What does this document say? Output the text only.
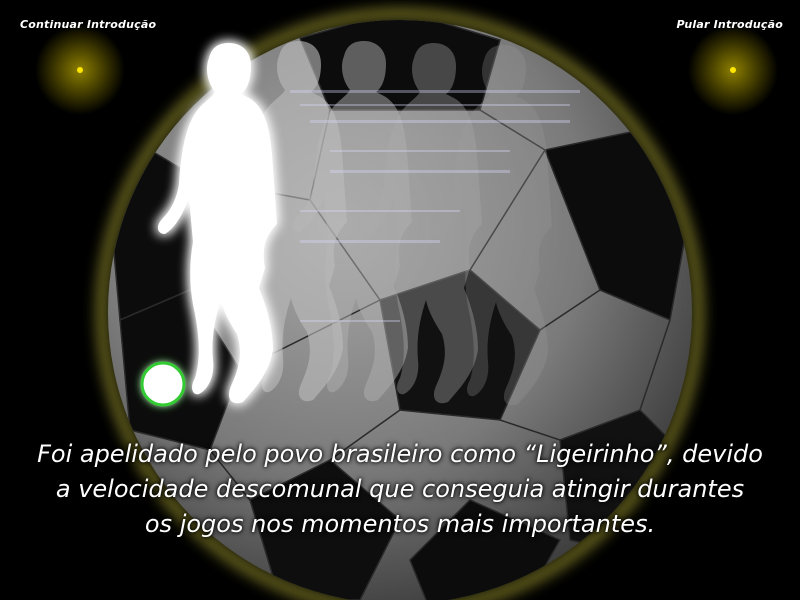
Continuar Introdução	Pular Introdução
Foi apelidado pelo povo brasileiro como “Ligeirinho”, devido
a velocidade descomunal que conseguia atingir durantes
os jogos nos momentos mais importantes.
